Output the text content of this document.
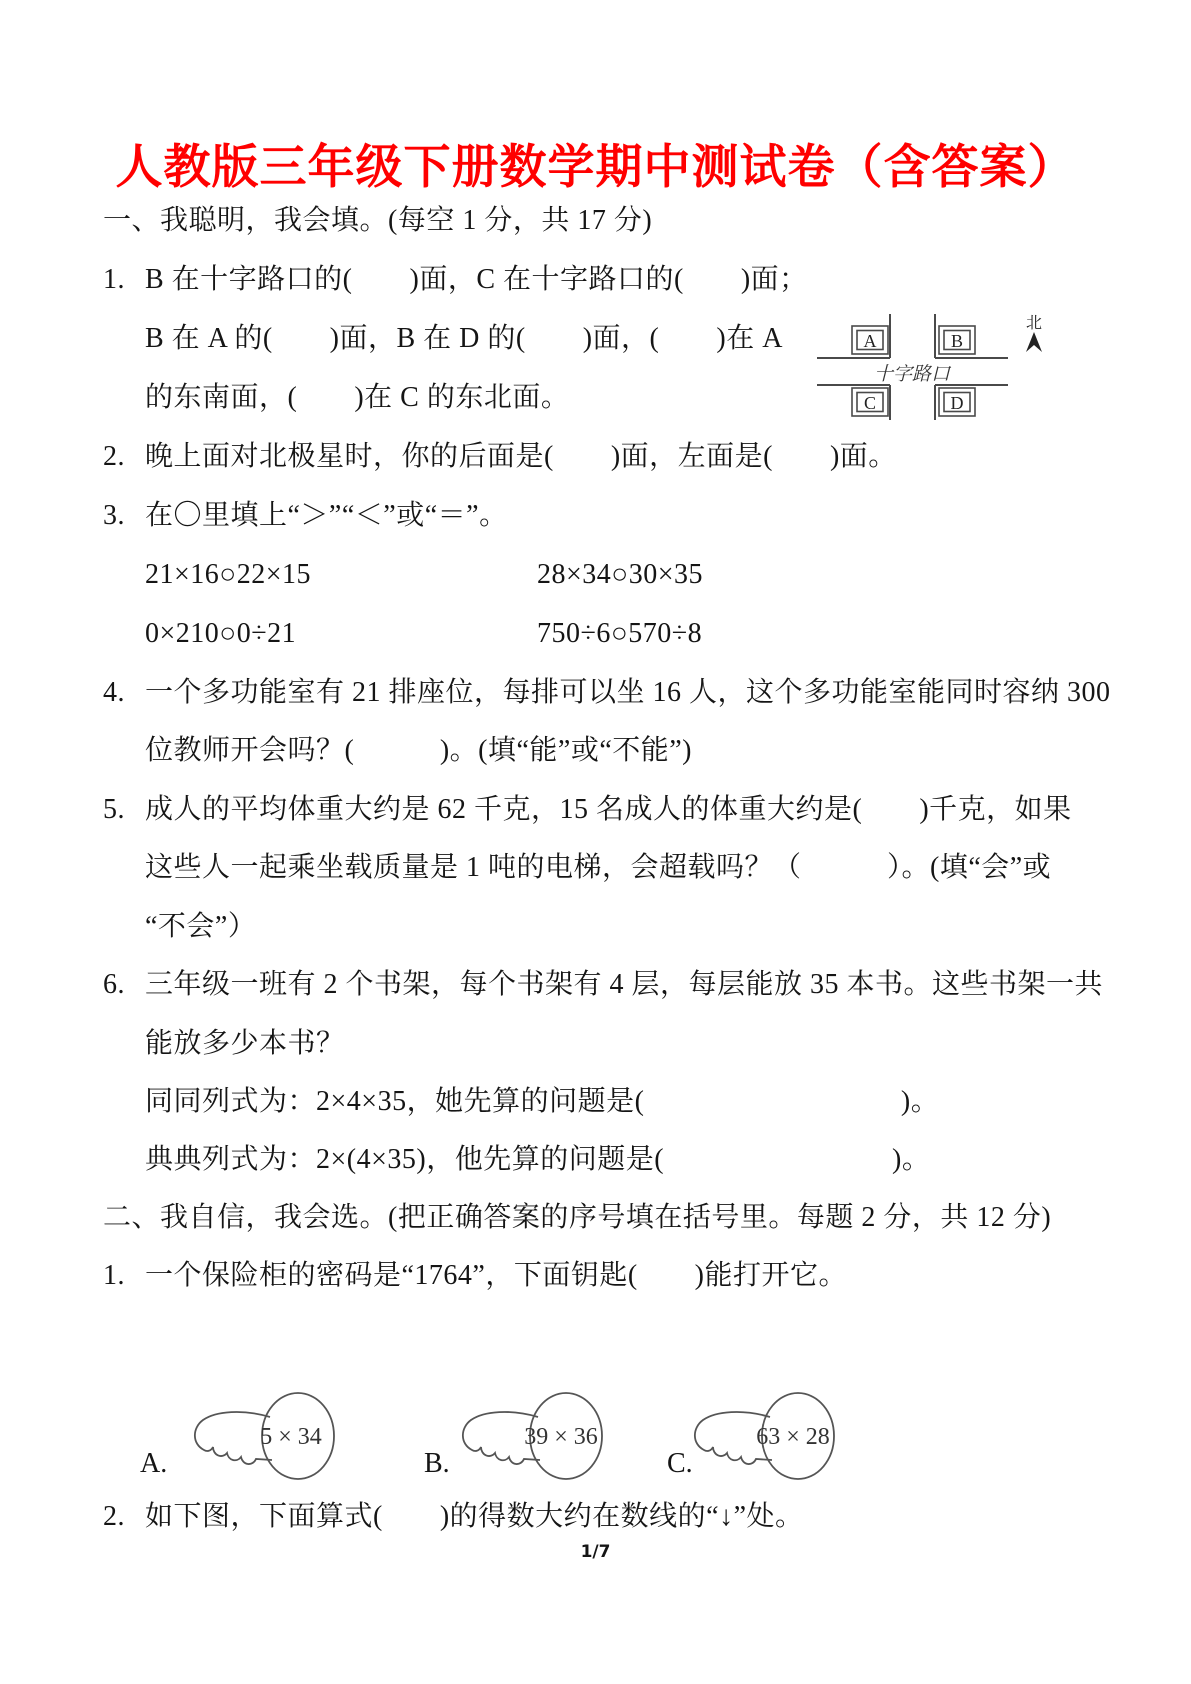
人教版三年级下册数学期中测试卷（含答案）
一、我聪明，我会填。(每空 1 分，共 17 分)
1. B 在十字路口的(　　)面，C 在十字路口的(　　)面；
B 在 A 的(　　)面，B 在 D 的(　　)面，(　　)在 A
的东南面，(　　)在 C 的东北面。
A	B
C	D
十字路口
北
2. 晚上面对北极星时，你的后面是(　　)面，左面是(　　)面。
3. 在〇里填上“＞”“＜”或“＝”。
21×16○22×15	28×34○30×35
0×210○0÷21	750÷6○570÷8
4. 一个多功能室有 21 排座位，每排可以坐 16 人，这个多功能室能同时容纳 300
位教师开会吗？(　　　)。(填“能”或“不能”)
5. 成人的平均体重大约是 62 千克，15 名成人的体重大约是(　　)千克，如果
这些人一起乘坐载质量是 1 吨的电梯，会超载吗？（　　　）。(填“会”或
“不会”）
6. 三年级一班有 2 个书架，每个书架有 4 层，每层能放 35 本书。这些书架一共
能放多少本书？
同同列式为：2×4×35，她先算的问题是(　　　　　　　　　)。
典典列式为：2×(4×35)，他先算的问题是(　　　　　　　　)。
二、我自信，我会选。(把正确答案的序号填在括号里。每题 2 分，共 12 分)
1. 一个保险柜的密码是“1764”，下面钥匙(　　)能打开它。
5 × 34
A.
39 × 36
B.
63 × 28
C.
2. 如下图，下面算式(　　)的得数大约在数线的“↓”处。
1/7
